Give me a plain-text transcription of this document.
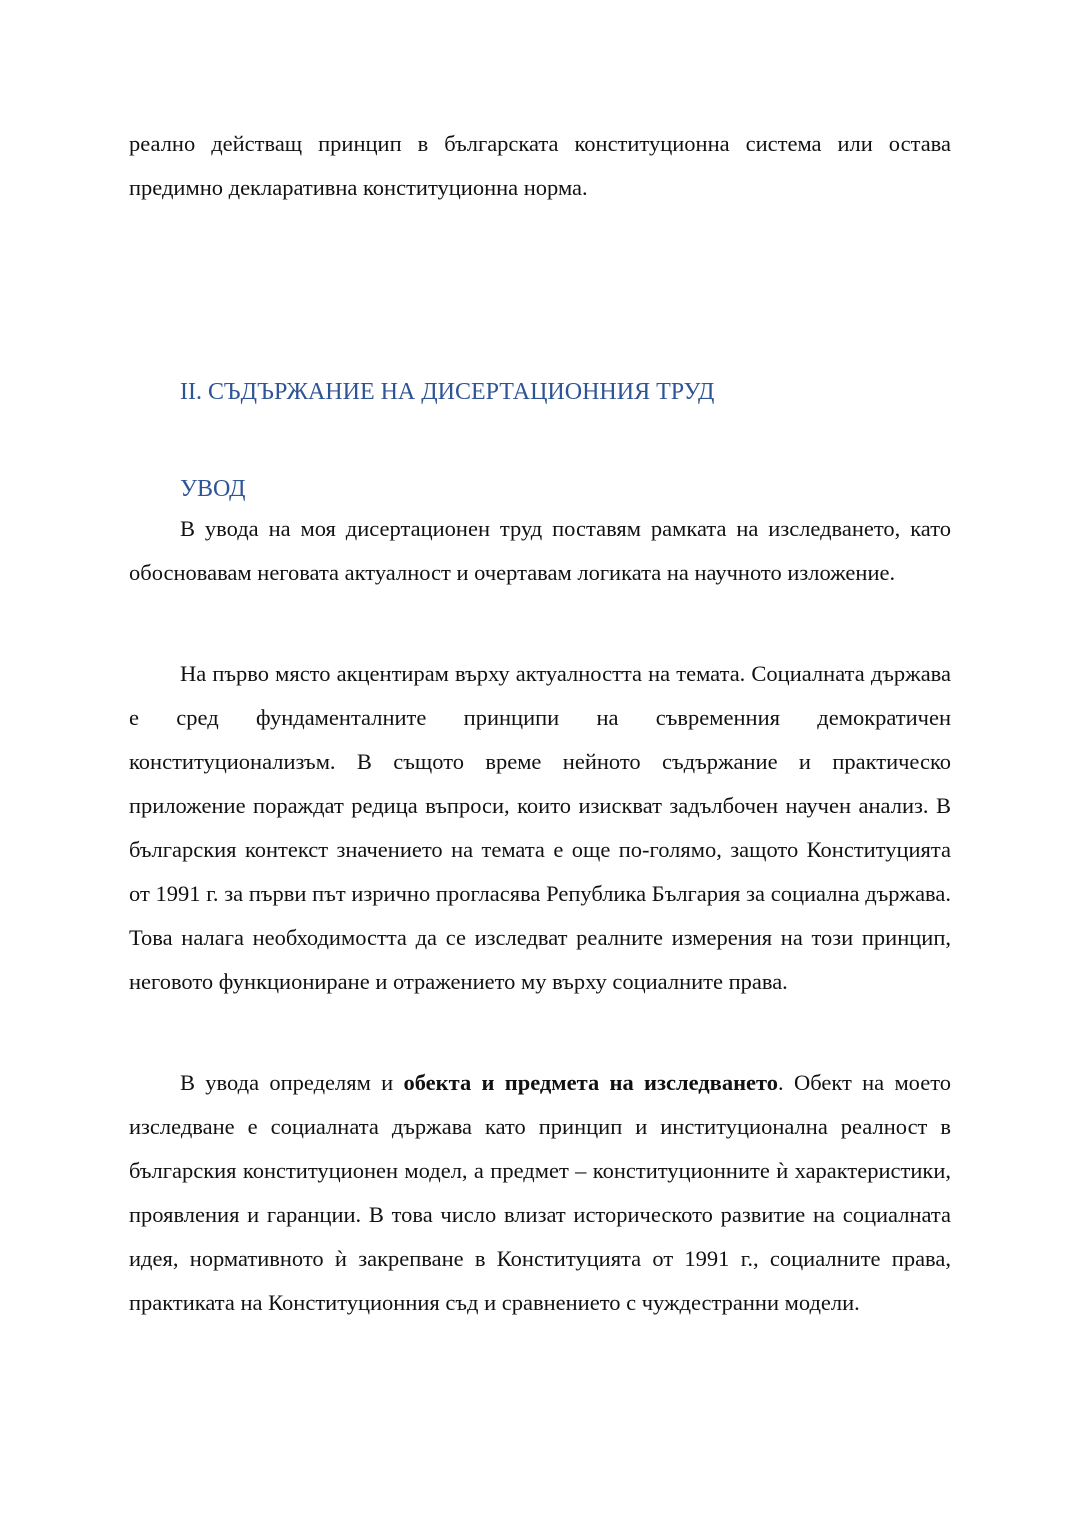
реално действащ принцип в българската конституционна система или остава предимно декларативна конституционна норма.

II. СЪДЪРЖАНИЕ НА ДИСЕРТАЦИОННИЯ ТРУД
УВОД

В увода на моя дисертационен труд поставям рамката на изследването, като обосновавам неговата актуалност и очертавам логиката на научното изложение.

На първо място акцентирам върху актуалността на темата. Социалната държава е сред фундаменталните принципи на съвременния демократичен конституционализъм. В същото време нейното съдържание и практическо приложение пораждат редица въпроси, които изискват задълбочен научен анализ. В българския контекст значението на темата е още по-голямо, защото Конституцията от 1991 г. за първи път изрично прогласява Република България за социална държава. Това налага необходимостта да се изследват реалните измерения на този принцип, неговото функциониране и отражението му върху социалните права.

В увода определям и обекта и предмета на изследването. Обект на моето изследване е социалната държава като принцип и институционална реалност в българския конституционен модел, а предмет – конституционните ѝ характеристики, проявления и гаранции. В това число влизат историческото развитие на социалната идея, нормативното ѝ закрепване в Конституцията от 1991 г., социалните права, практиката на Конституционния съд и сравнението с чуждестранни модели.
